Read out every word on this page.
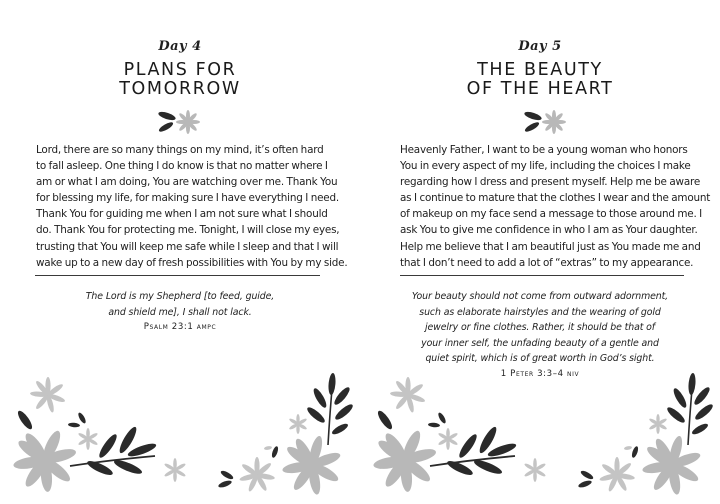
Day 4
PLANS FOR
TOMORROW
Lord, there are so many things on my mind, it’s often hard
to fall asleep. One thing I do know is that no matter where I
am or what I am doing, You are watching over me. Thank You
for blessing my life, for making sure I have everything I need.
Thank You for guiding me when I am not sure what I should
do. Thank You for protecting me. Tonight, I will close my eyes,
trusting that You will keep me safe while I sleep and that I will
wake up to a new day of fresh possibilities with You by my side.
The Lord is my Shepherd [to feed, guide,
and shield me], I shall not lack.
Psalm 23:1 ampc
Day 5
THE BEAUTY
OF THE HEART
Heavenly Father, I want to be a young woman who honors
You in every aspect of my life, including the choices I make
regarding how I dress and present myself. Help me be aware
as I continue to mature that the clothes I wear and the amount
of makeup on my face send a message to those around me. I
ask You to give me confidence in who I am as Your daughter.
Help me believe that I am beautiful just as You made me and
that I don’t need to add a lot of “extras” to my appearance.
Your beauty should not come from outward adornment,
such as elaborate hairstyles and the wearing of gold
jewelry or fine clothes. Rather, it should be that of
your inner self, the unfading beauty of a gentle and
quiet spirit, which is of great worth in God’s sight.
1 Peter 3:3–4 niv
